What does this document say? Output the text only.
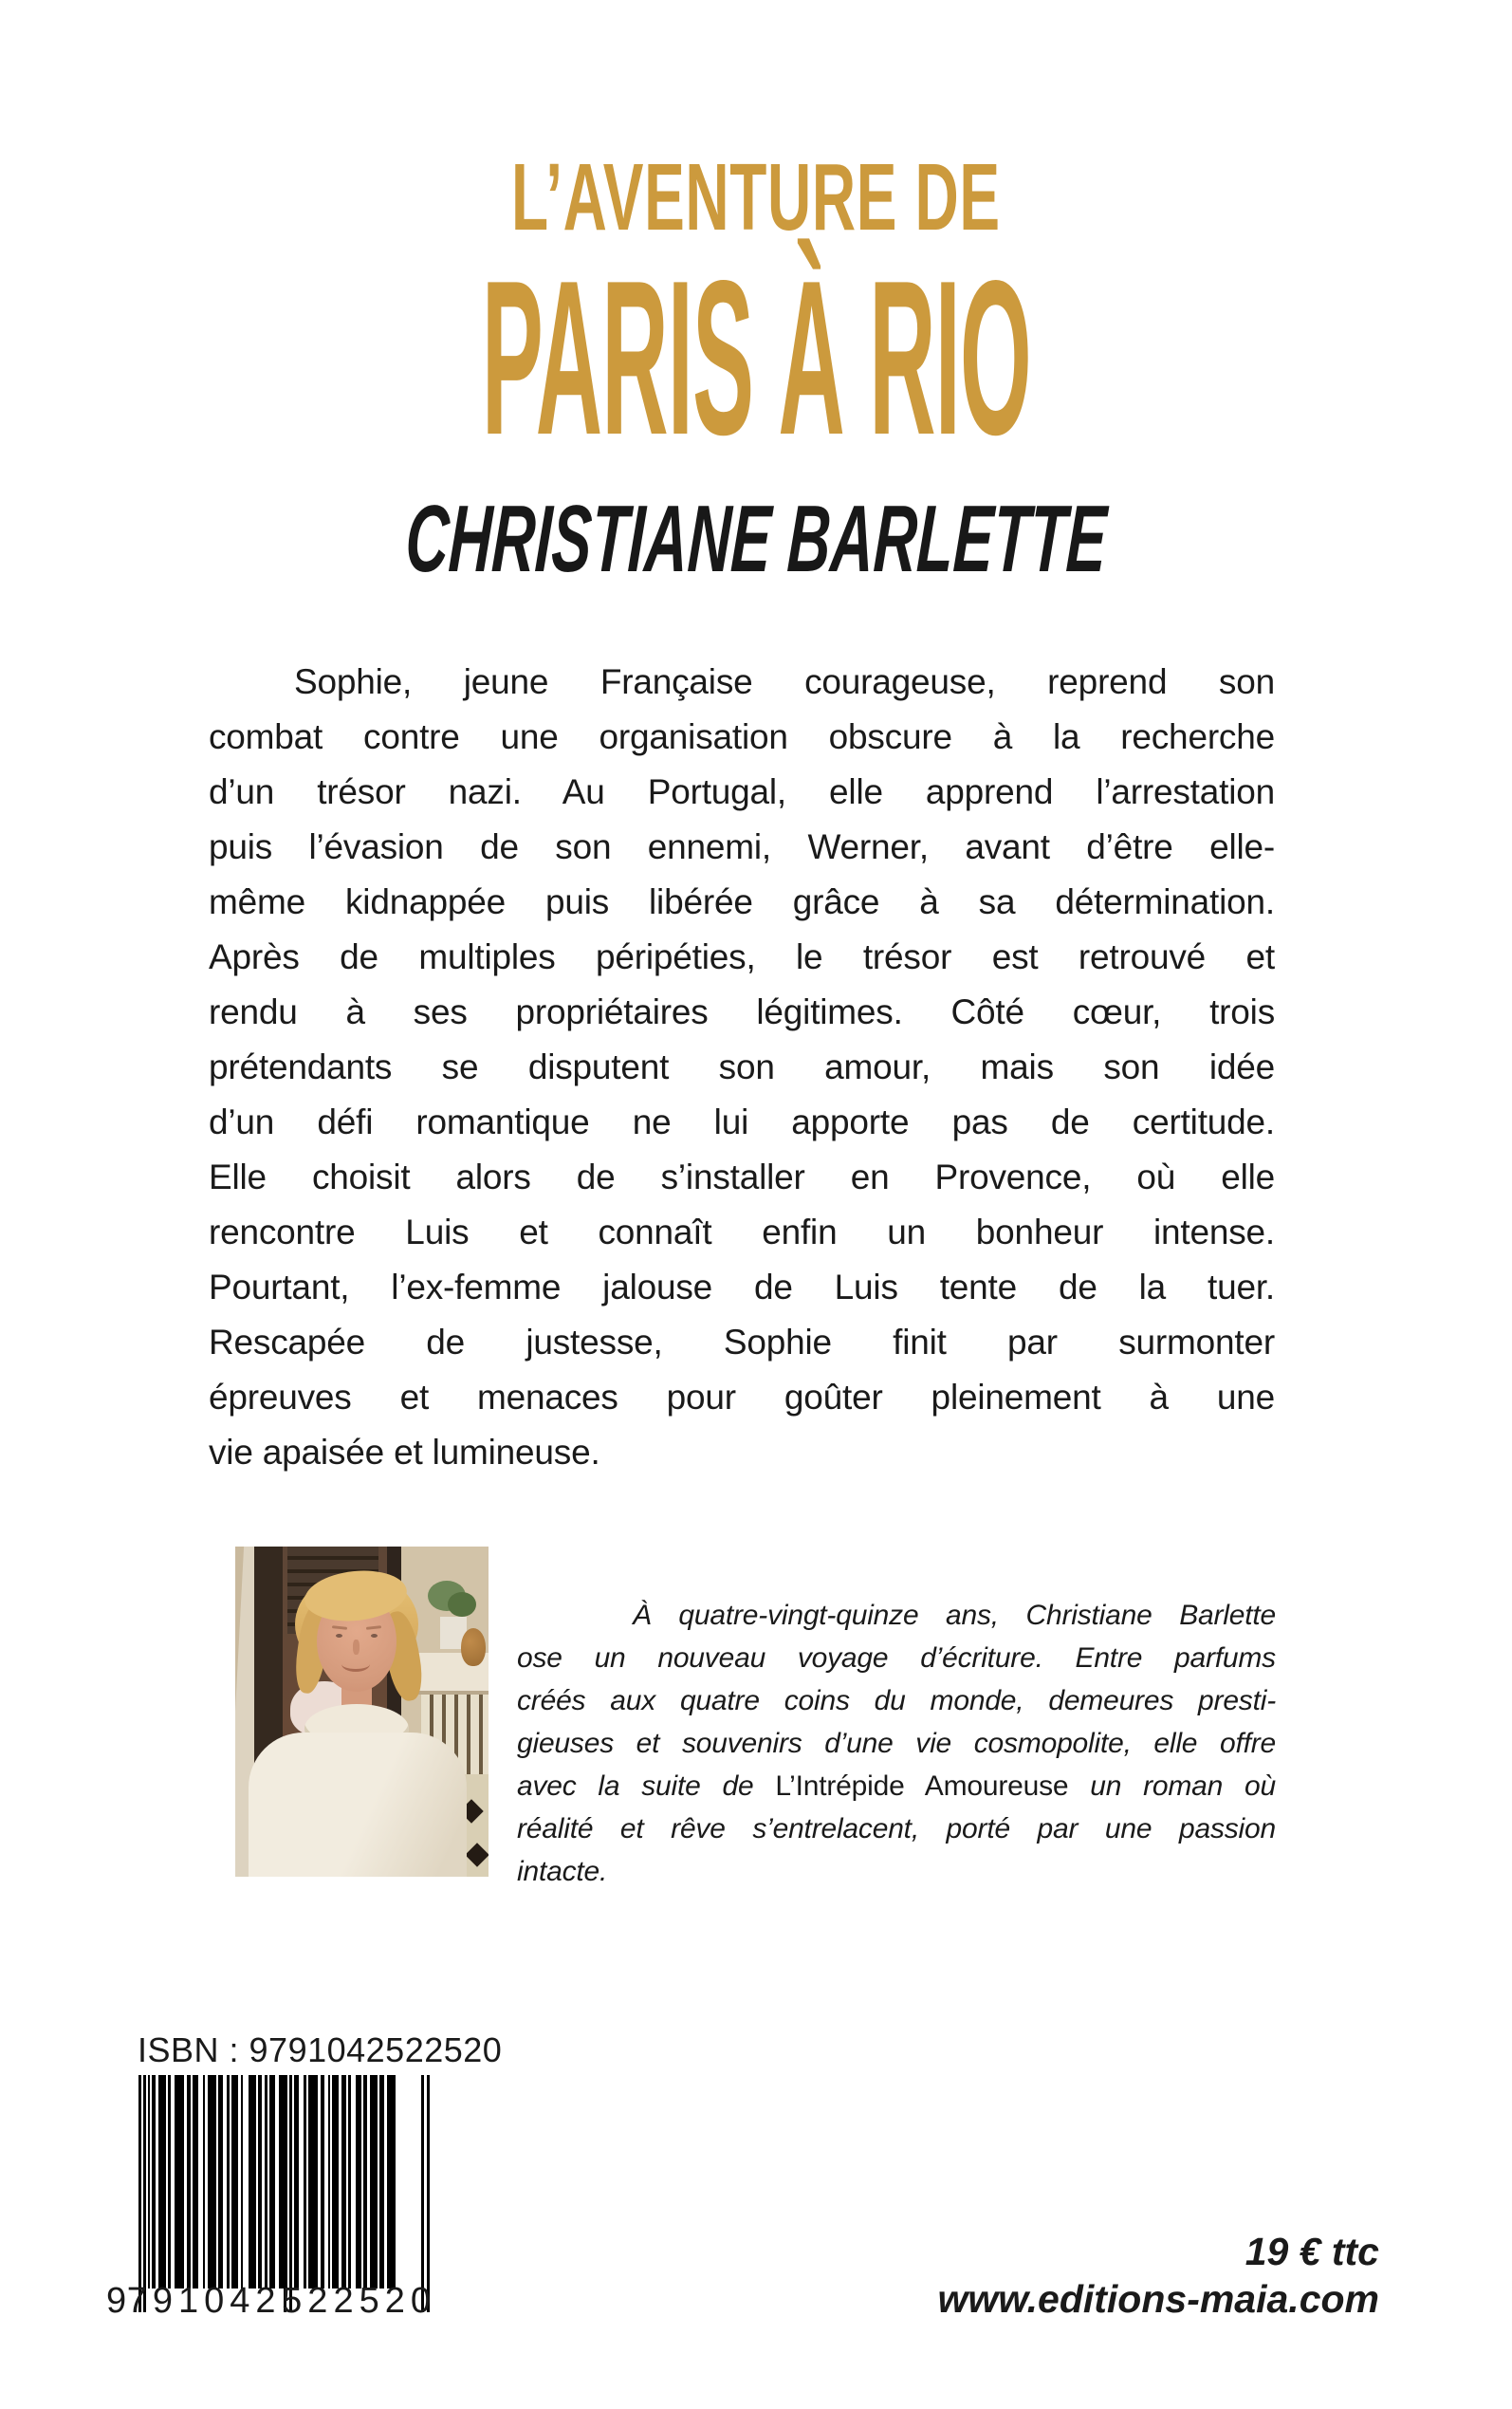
L’AVENTURE DE
PARIS À RIO
CHRISTIANE BARLETTE
Sophie, jeune Française courageuse, reprend son
combat contre une organisation obscure à la recherche
d’un trésor nazi. Au Portugal, elle apprend l’arrestation
puis l’évasion de son ennemi, Werner, avant d’être elle-
même kidnappée puis libérée grâce à sa détermination.
Après de multiples péripéties, le trésor est retrouvé et
rendu à ses propriétaires légitimes. Côté cœur, trois
prétendants se disputent son amour, mais son idée
d’un défi romantique ne lui apporte pas de certitude.
Elle choisit alors de s’installer en Provence, où elle
rencontre Luis et connaît enfin un bonheur intense.
Pourtant, l’ex-femme jalouse de Luis tente de la tuer.
Rescapée de justesse, Sophie finit par surmonter
épreuves et menaces pour goûter pleinement à une
vie apaisée et lumineuse.
À quatre-vingt-quinze ans, Christiane Barlette
ose un nouveau voyage d’écriture. Entre parfums
créés aux quatre coins du monde, demeures presti-
gieuses et souvenirs d’une vie cosmopolite, elle offre
avec la suite de L’Intrépide Amoureuse un roman où
réalité et rêve s’entrelacent, porté par une passion
intacte.
ISBN : 9791042522520
9 791042 522520
19 € ttc
www.editions-maia.com
